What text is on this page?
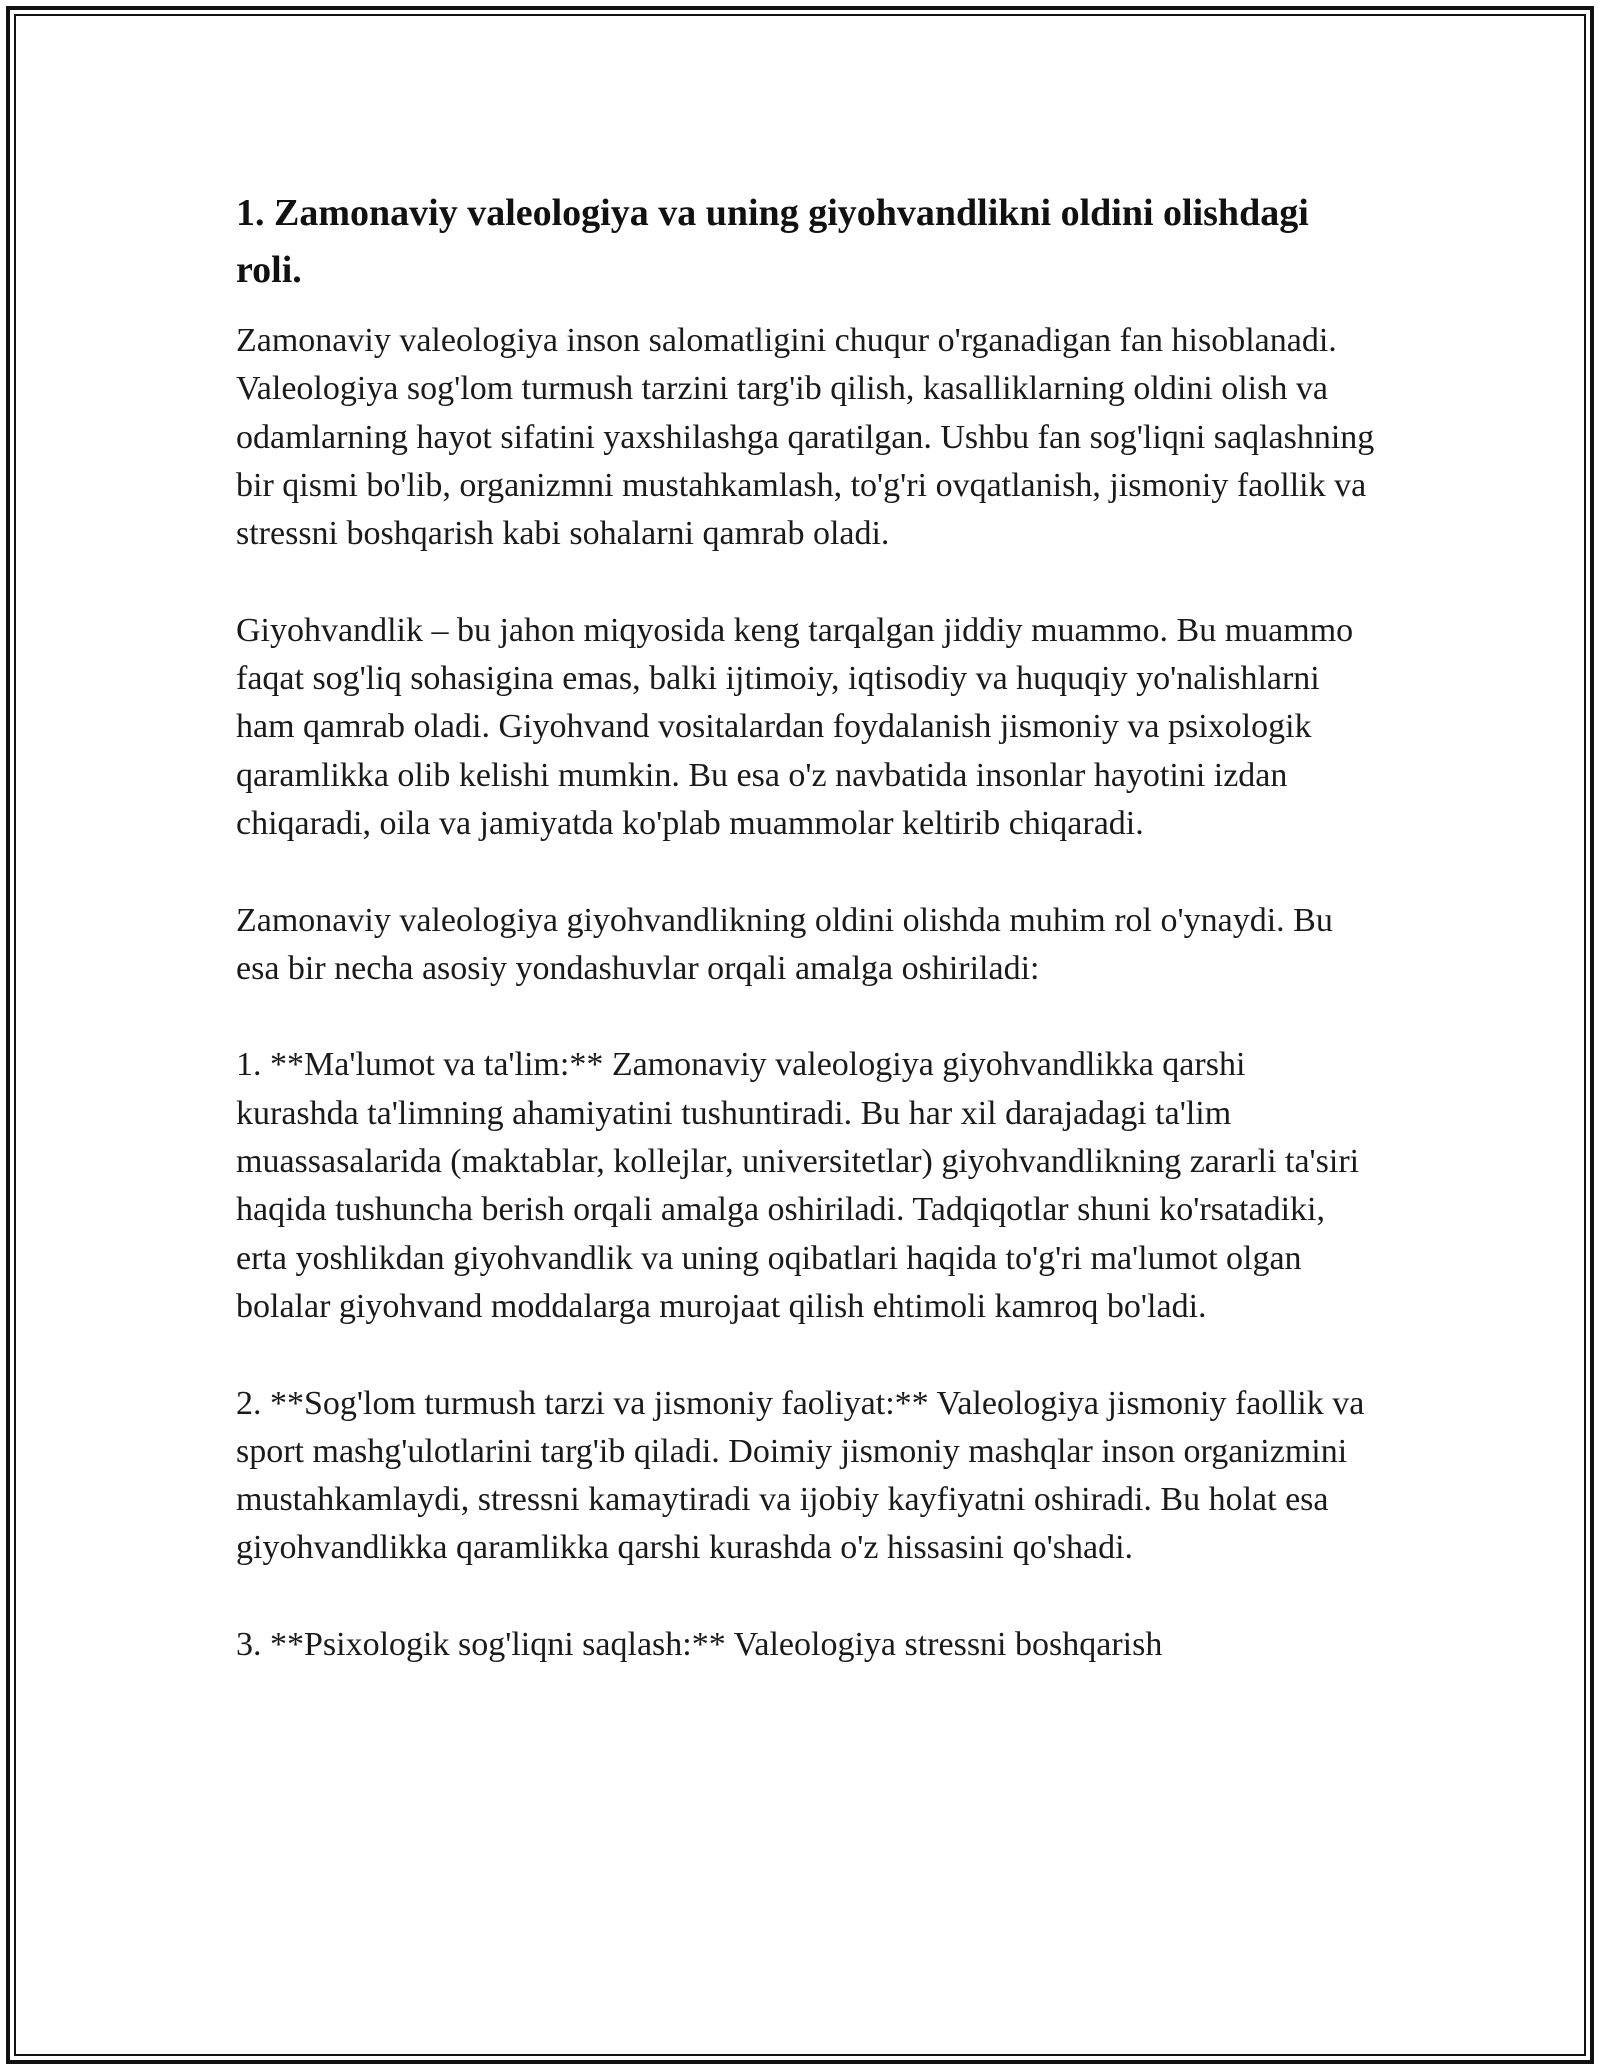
1. Zamonaviy valeologiya va uning giyohvandlikni oldini olishdagi roli.

Zamonaviy valeologiya inson salomatligini chuqur o'rganadigan fan hisoblanadi. Valeologiya sog'lom turmush tarzini targ'ib qilish, kasalliklarning oldini olish va odamlarning hayot sifatini yaxshilashga qaratilgan. Ushbu fan sog'liqni saqlashning bir qismi bo'lib, organizmni mustahkamlash, to'g'ri ovqatlanish, jismoniy faollik va stressni boshqarish kabi sohalarni qamrab oladi.

Giyohvandlik – bu jahon miqyosida keng tarqalgan jiddiy muammo. Bu muammo faqat sog'liq sohasigina emas, balki ijtimoiy, iqtisodiy va huquqiy yo'nalishlarni ham qamrab oladi. Giyohvand vositalardan foydalanish jismoniy va psixologik qaramlikka olib kelishi mumkin. Bu esa o'z navbatida insonlar hayotini izdan chiqaradi, oila va jamiyatda ko'plab muammolar keltirib chiqaradi.

Zamonaviy valeologiya giyohvandlikning oldini olishda muhim rol o'ynaydi. Bu esa bir necha asosiy yondashuvlar orqali amalga oshiriladi:

1. **Ma'lumot va ta'lim:** Zamonaviy valeologiya giyohvandlikka qarshi kurashda ta'limning ahamiyatini tushuntiradi. Bu har xil darajadagi ta'lim muassasalarida (maktablar, kollejlar, universitetlar) giyohvandlikning zararli ta'siri haqida tushuncha berish orqali amalga oshiriladi. Tadqiqotlar shuni ko'rsatadiki, erta yoshlikdan giyohvandlik va uning oqibatlari haqida to'g'ri ma'lumot olgan bolalar giyohvand moddalarga murojaat qilish ehtimoli kamroq bo'ladi.

2. **Sog'lom turmush tarzi va jismoniy faoliyat:** Valeologiya jismoniy faollik va sport mashg'ulotlarini targ'ib qiladi. Doimiy jismoniy mashqlar inson organizmini mustahkamlaydi, stressni kamaytiradi va ijobiy kayfiyatni oshiradi. Bu holat esa giyohvandlikka qaramlikka qarshi kurashda o'z hissasini qo'shadi.

3. **Psixologik sog'liqni saqlash:** Valeologiya stressni boshqarish
